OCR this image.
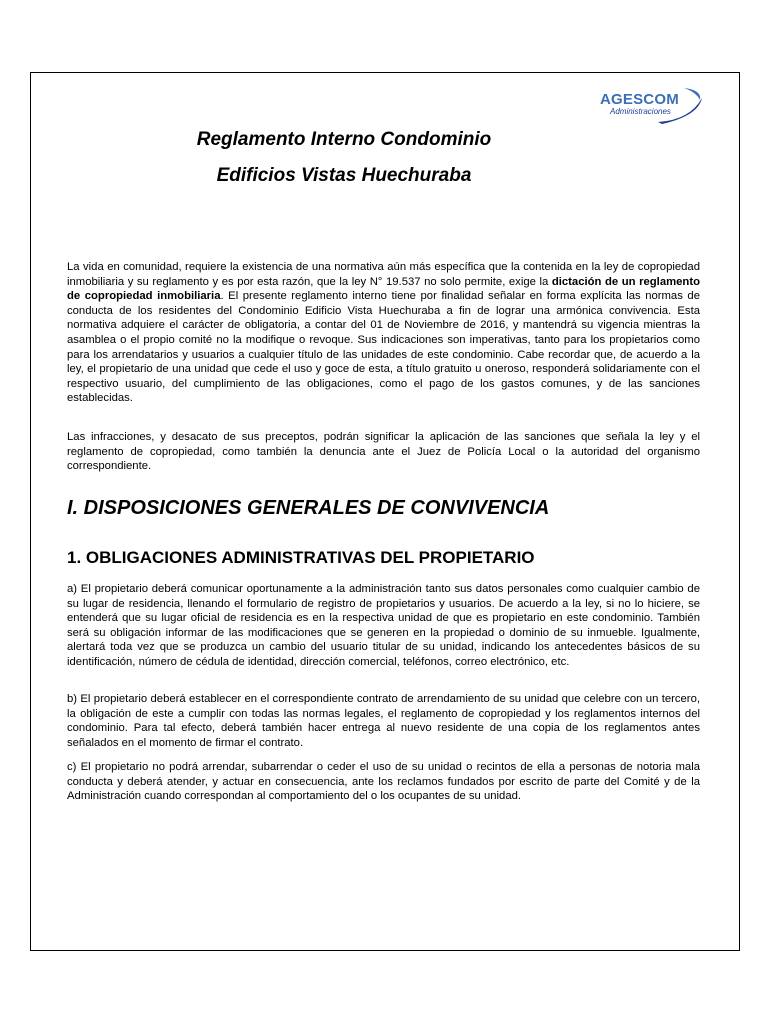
AGESCOM
Administraciones
Reglamento Interno Condominio
Edificios Vistas Huechuraba

La vida en comunidad, requiere la existencia de una normativa aún más específica que la contenida en la ley de copropiedad inmobiliaria y su reglamento y es por esta razón, que la ley N° 19.537 no solo permite, exige la dictación de un reglamento de copropiedad inmobiliaria. El presente reglamento interno tiene por finalidad señalar en forma explícita las normas de conducta de los residentes del Condominio Edificio Vista Huechuraba a fin de lograr una armónica convivencia. Esta normativa adquiere el carácter de obligatoria, a contar del 01 de Noviembre de 2016, y mantendrá su vigencia mientras la asamblea o el propio comité no la modifique o revoque. Sus indicaciones son imperativas, tanto para los propietarios como para los arrendatarios y usuarios a cualquier título de las unidades de este condominio. Cabe recordar que, de acuerdo a la ley, el propietario de una unidad que cede el uso y goce de esta, a título gratuito u oneroso, responderá solidariamente con el respectivo usuario, del cumplimiento de las obligaciones, como el pago de los gastos comunes, y de las sanciones establecidas.

Las infracciones, y desacato de sus preceptos, podrán significar la aplicación de las sanciones que señala la ley y el reglamento de copropiedad, como también la denuncia ante el Juez de Policía Local o la autoridad del organismo correspondiente.

I. DISPOSICIONES GENERALES DE CONVIVENCIA
1. OBLIGACIONES ADMINISTRATIVAS DEL PROPIETARIO

a) El propietario deberá comunicar oportunamente a la administración tanto sus datos personales como cualquier cambio de su lugar de residencia, llenando el formulario de registro de propietarios y usuarios. De acuerdo a la ley, si no lo hiciere, se entenderá que su lugar oficial de residencia es en la respectiva unidad de que es propietario en este condominio. También será su obligación informar de las modificaciones que se generen en la propiedad o dominio de su inmueble. Igualmente, alertará toda vez que se produzca un cambio del usuario titular de su unidad, indicando los antecedentes básicos de su identificación, número de cédula de identidad, dirección comercial, teléfonos, correo electrónico, etc.

b) El propietario deberá establecer en el correspondiente contrato de arrendamiento de su unidad que celebre con un tercero, la obligación de este a cumplir con todas las normas legales, el reglamento de copropiedad y los reglamentos internos del condominio. Para tal efecto, deberá también hacer entrega al nuevo residente de una copia de los reglamentos antes señalados en el momento de firmar el contrato.

c) El propietario no podrá arrendar, subarrendar o ceder el uso de su unidad o recintos de ella a personas de notoria mala conducta y deberá atender, y actuar en consecuencia, ante los reclamos fundados por escrito de parte del Comité y de la Administración cuando correspondan al comportamiento del o los ocupantes de su unidad.
